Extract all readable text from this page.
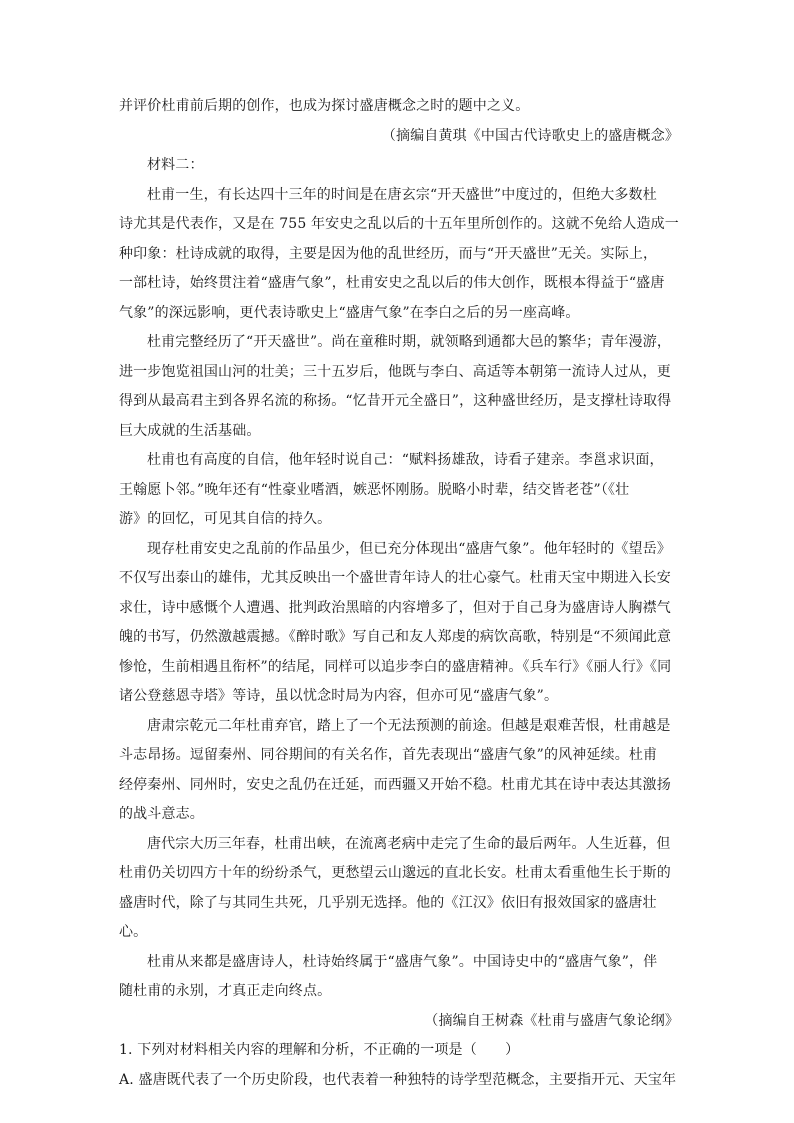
并评价杜甫前后期的创作，也成为探讨盛唐概念之时的题中之义。
（摘编自黄琪《中国古代诗歌史上的盛唐概念》
材料二：
杜甫一生，有长达四十三年的时间是在唐玄宗“开天盛世”中度过的，但绝大多数杜
诗尤其是代表作，又是在 755 年安史之乱以后的十五年里所创作的。这就不免给人造成一
种印象：杜诗成就的取得，主要是因为他的乱世经历，而与“开天盛世”无关。实际上，
一部杜诗，始终贯注着“盛唐气象”，杜甫安史之乱以后的伟大创作，既根本得益于“盛唐
气象”的深远影响，更代表诗歌史上“盛唐气象”在李白之后的另一座高峰。
杜甫完整经历了“开天盛世”。尚在童稚时期，就领略到通都大邑的繁华；青年漫游，
进一步饱览祖国山河的壮美；三十五岁后，他既与李白、高适等本朝第一流诗人过从，更
得到从最高君主到各界名流的称扬。“忆昔开元全盛日”，这种盛世经历，是支撑杜诗取得
巨大成就的生活基础。
杜甫也有高度的自信，他年轻时说自己：“赋料扬雄敌，诗看子建亲。李邕求识面，
王翰愿卜邻。”晚年还有“性豪业嗜酒，嫉恶怀刚肠。脱略小时辈，结交皆老苍”（《壮
游》的回忆，可见其自信的持久。
现存杜甫安史之乱前的作品虽少，但已充分体现出“盛唐气象”。他年轻时的《望岳》
不仅写出泰山的雄伟，尤其反映出一个盛世青年诗人的壮心豪气。杜甫天宝中期进入长安
求仕，诗中感慨个人遭遇、批判政治黑暗的内容增多了，但对于自己身为盛唐诗人胸襟气
魄的书写，仍然激越震撼。《醉时歌》写自己和友人郑虔的病饮高歌，特别是“不须闻此意
惨怆，生前相遇且衔杯”的结尾，同样可以追步李白的盛唐精神。《兵车行》《丽人行》《同
诸公登慈恩寺塔》等诗，虽以忧念时局为内容，但亦可见“盛唐气象”。
唐肃宗乾元二年杜甫弃官，踏上了一个无法预测的前途。但越是艰难苦恨，杜甫越是
斗志昂扬。逗留秦州、同谷期间的有关名作，首先表现出“盛唐气象”的风神延续。杜甫
经停秦州、同州时，安史之乱仍在迁延，而西疆又开始不稳。杜甫尤其在诗中表达其激扬
的战斗意志。
唐代宗大历三年春，杜甫出峡，在流离老病中走完了生命的最后两年。人生近暮，但
杜甫仍关切四方十年的纷纷杀气，更愁望云山邈远的直北长安。杜甫太看重他生长于斯的
盛唐时代，除了与其同生共死，几乎别无选择。他的《江汉》依旧有报效国家的盛唐壮
心。
杜甫从来都是盛唐诗人，杜诗始终属于“盛唐气象”。中国诗史中的“盛唐气象”，伴
随杜甫的永别，才真正走向终点。
（摘编自王树森《杜甫与盛唐气象论纲》
1. 下列对材料相关内容的理解和分析，不正确的一项是（　　）
A. 盛唐既代表了一个历史阶段，也代表着一种独特的诗学型范概念，主要指开元、天宝年
